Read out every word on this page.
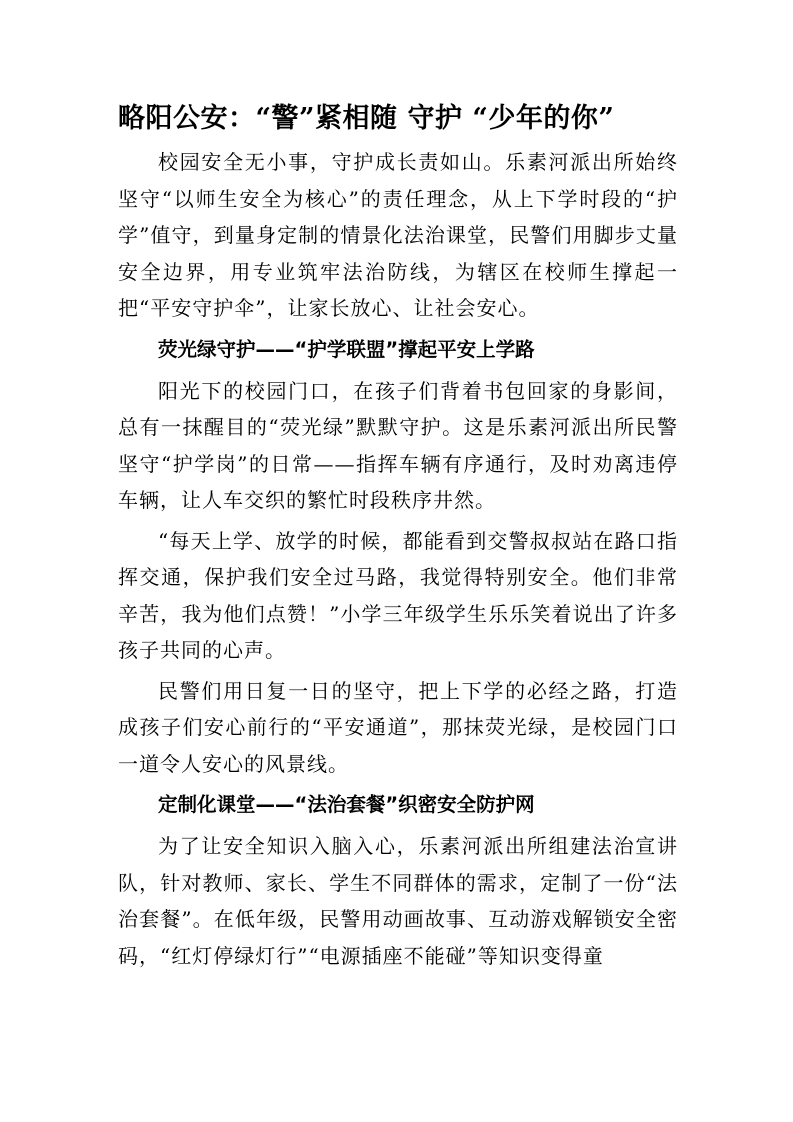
略阳公安：“警”紧相随 守护 “少年的你”

校园安全无小事，守护成长责如山。乐素河派出所始终坚守“以师生安全为核心”的责任理念，从上下学时段的“护学”值守，到量身定制的情景化法治课堂，民警们用脚步丈量安全边界，用专业筑牢法治防线，为辖区在校师生撑起一把“平安守护伞”，让家长放心、让社会安心。

荧光绿守护——“护学联盟”撑起平安上学路

阳光下的校园门口，在孩子们背着书包回家的身影间，总有一抹醒目的“荧光绿”默默守护。这是乐素河派出所民警坚守“护学岗”的日常——指挥车辆有序通行，及时劝离违停车辆，让人车交织的繁忙时段秩序井然。

“每天上学、放学的时候，都能看到交警叔叔站在路口指挥交通，保护我们安全过马路，我觉得特别安全。他们非常辛苦，我为他们点赞！”小学三年级学生乐乐笑着说出了许多孩子共同的心声。

民警们用日复一日的坚守，把上下学的必经之路，打造成孩子们安心前行的“平安通道”，那抹荧光绿，是校园门口一道令人安心的风景线。

定制化课堂——“法治套餐”织密安全防护网

为了让安全知识入脑入心，乐素河派出所组建法治宣讲队，针对教师、家长、学生不同群体的需求，定制了一份“法治套餐”。在低年级，民警用动画故事、互动游戏解锁安全密码，“红灯停绿灯行”“电源插座不能碰”等知识变得童
